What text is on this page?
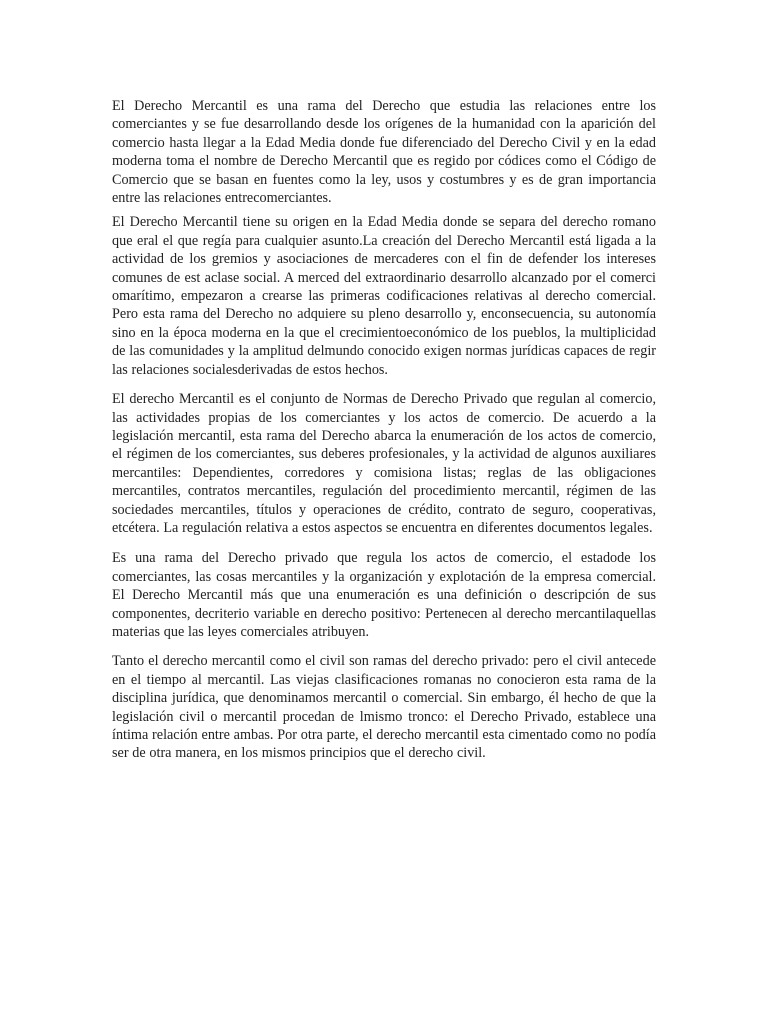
El Derecho Mercantil es una rama del Derecho que estudia las relaciones entre los comerciantes y se fue desarrollando desde los orígenes de la humanidad con la aparición del comercio hasta llegar a la Edad Media donde fue diferenciado del Derecho Civil y en la edad moderna toma el nombre de Derecho Mercantil que es regido por códices como el Código de Comercio que se basan en fuentes como la ley, usos y costumbres y es de gran importancia entre las relaciones entrecomerciantes.

El Derecho Mercantil tiene su origen en la Edad Media donde se separa del derecho romano que eral el que regía para cualquier asunto.La creación del Derecho Mercantil está ligada a la actividad de los gremios y asociaciones de mercaderes con el fin de defender los intereses comunes de est aclase social. A merced del extraordinario desarrollo alcanzado por el comerci omarítimo, empezaron a crearse las primeras codificaciones relativas al derecho comercial. Pero esta rama del Derecho no adquiere su pleno desarrollo y, enconsecuencia, su autonomía sino en la época moderna en la que el crecimientoeconómico de los pueblos, la multiplicidad de las comunidades y la amplitud delmundo conocido exigen normas jurídicas capaces de regir las relaciones socialesderivadas de estos hechos.

El derecho Mercantil es el conjunto de Normas de Derecho Privado que regulan al comercio, las actividades propias de los comerciantes y los actos de comercio. De acuerdo a la legislación mercantil, esta rama del Derecho abarca la enumeración de los actos de comercio, el régimen de los comerciantes, sus deberes profesionales, y la actividad de algunos auxiliares mercantiles: Dependientes, corredores y comisiona listas; reglas de las obligaciones mercantiles, contratos mercantiles, regulación del procedimiento mercantil, régimen de las sociedades mercantiles, títulos y operaciones de crédito, contrato de seguro, cooperativas, etcétera. La regulación relativa a estos aspectos se encuentra en diferentes documentos legales.

Es una rama del Derecho privado que regula los actos de comercio, el estadode los comerciantes, las cosas mercantiles y la organización y explotación de la empresa comercial. El Derecho Mercantil más que una enumeración es una definición o descripción de sus componentes, decriterio variable en derecho positivo: Pertenecen al derecho mercantilaquellas materias que las leyes comerciales atribuyen.

Tanto el derecho mercantil como el civil son ramas del derecho privado: pero el civil antecede en el tiempo al mercantil. Las viejas clasificaciones romanas no conocieron esta rama de la disciplina jurídica, que denominamos mercantil o comercial. Sin embargo, él hecho de que la legislación civil o mercantil procedan de lmismo tronco: el Derecho Privado, establece una íntima relación entre ambas. Por otra parte, el derecho mercantil esta cimentado como no podía ser de otra manera, en los mismos principios que el derecho civil.
